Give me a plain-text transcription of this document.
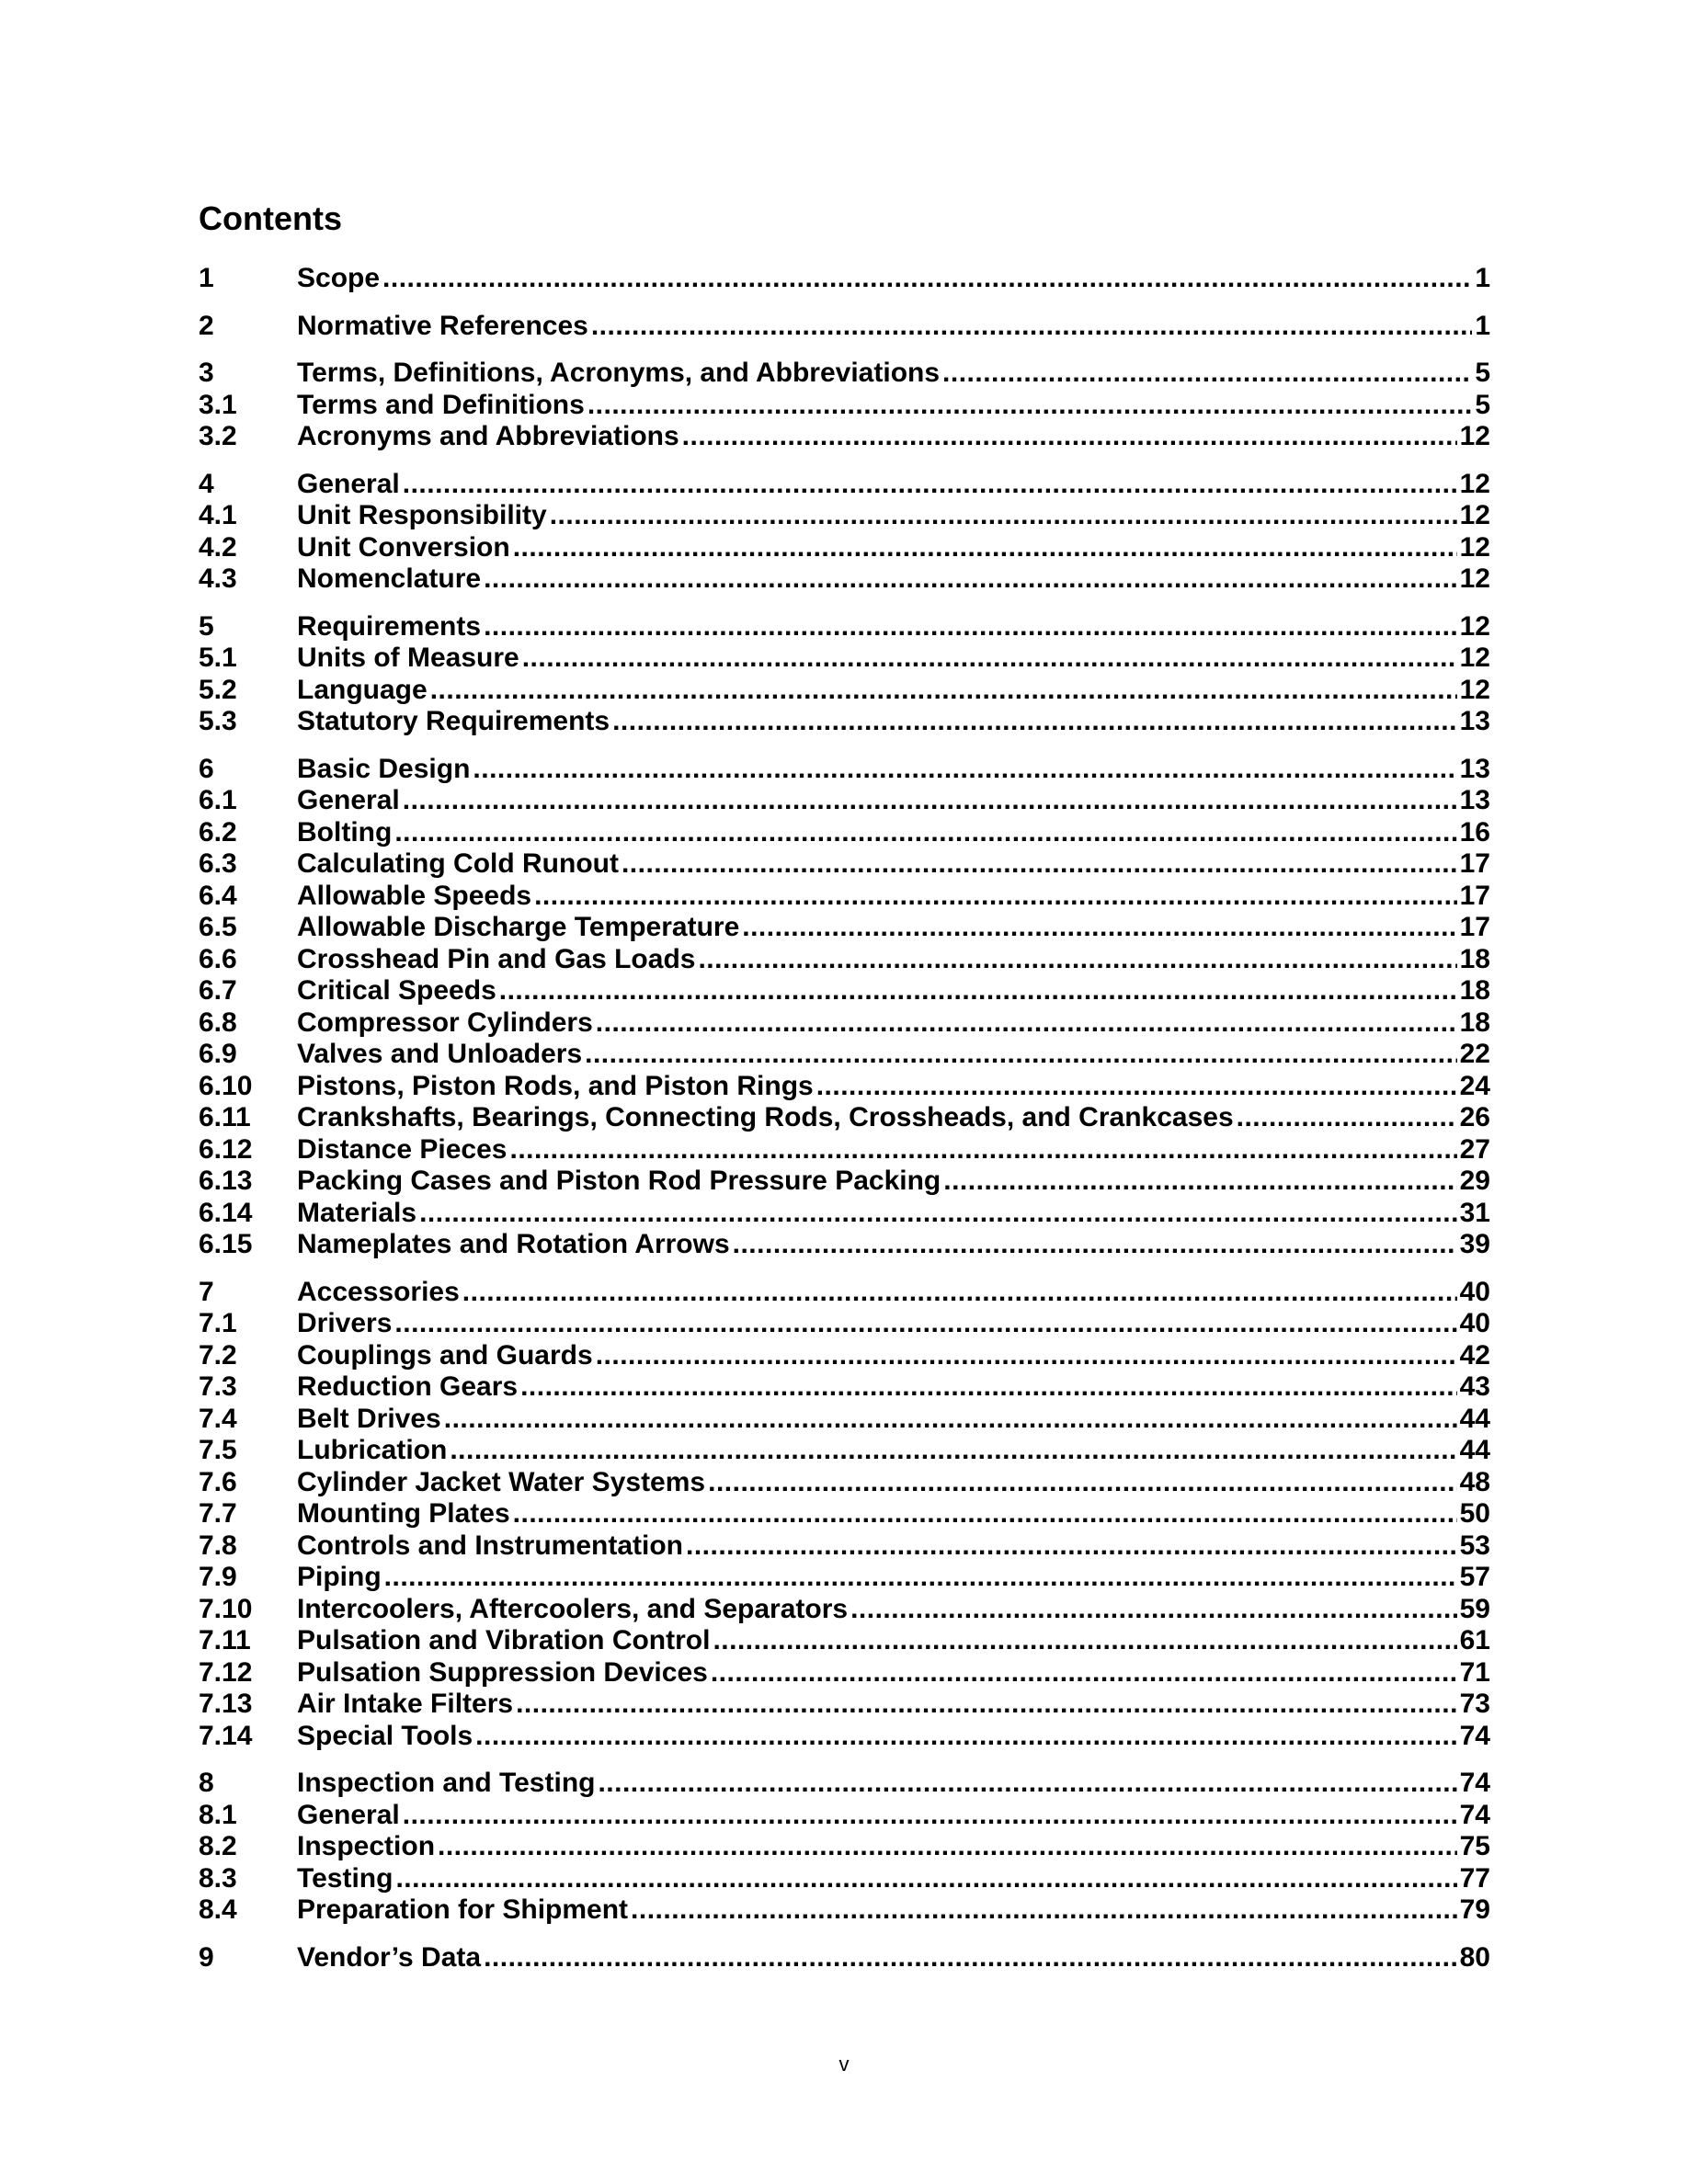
Contents
1	Scope .....	1
2	Normative References .....	1
3	Terms, Definitions, Acronyms, and Abbreviations .....	5
3.1	Terms and Definitions .....	5
3.2	Acronyms and Abbreviations .....	12
4	General .....	12
4.1	Unit Responsibility .....	12
4.2	Unit Conversion .....	12
4.3	Nomenclature .....	12
5	Requirements .....	12
5.1	Units of Measure .....	12
5.2	Language .....	12
5.3	Statutory Requirements .....	13
6	Basic Design .....	13
6.1	General .....	13
6.2	Bolting .....	16
6.3	Calculating Cold Runout .....	17
6.4	Allowable Speeds .....	17
6.5	Allowable Discharge Temperature .....	17
6.6	Crosshead Pin and Gas Loads .....	18
6.7	Critical Speeds .....	18
6.8	Compressor Cylinders .....	18
6.9	Valves and Unloaders .....	22
6.10	Pistons, Piston Rods, and Piston Rings .....	24
6.11	Crankshafts, Bearings, Connecting Rods, Crossheads, and Crankcases .....	26
6.12	Distance Pieces .....	27
6.13	Packing Cases and Piston Rod Pressure Packing .....	29
6.14	Materials .....	31
6.15	Nameplates and Rotation Arrows .....	39
7	Accessories .....	40
7.1	Drivers .....	40
7.2	Couplings and Guards .....	42
7.3	Reduction Gears .....	43
7.4	Belt Drives .....	44
7.5	Lubrication .....	44
7.6	Cylinder Jacket Water Systems .....	48
7.7	Mounting Plates .....	50
7.8	Controls and Instrumentation .....	53
7.9	Piping .....	57
7.10	Intercoolers, Aftercoolers, and Separators .....	59
7.11	Pulsation and Vibration Control .....	61
7.12	Pulsation Suppression Devices .....	71
7.13	Air Intake Filters .....	73
7.14	Special Tools .....	74
8	Inspection and Testing .....	74
8.1	General .....	74
8.2	Inspection .....	75
8.3	Testing .....	77
8.4	Preparation for Shipment .....	79
9	Vendor’s Data .....	80
v
